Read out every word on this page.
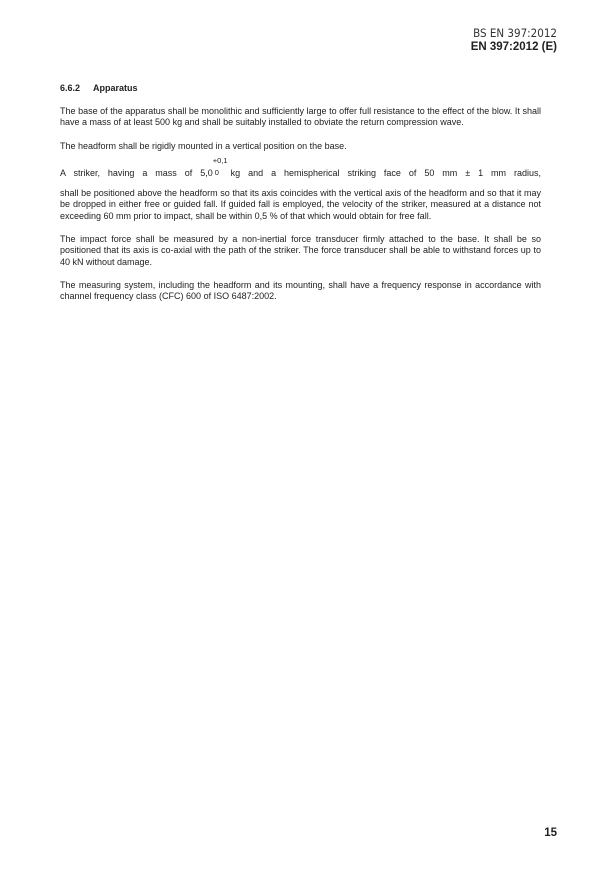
BS EN 397:2012
EN 397:2012 (E)
6.6.2 Apparatus

The base of the apparatus shall be monolithic and sufficiently large to offer full resistance to the effect of the blow. It shall have a mass of at least 500 kg and shall be suitably installed to obviate the return compression wave.

The headform shall be rigidly mounted in a vertical position on the base.

A striker, having a mass of 5,0
+0,1
0 kg and a hemispherical striking face of 50 mm ± 1 mm radius,

shall be positioned above the headform so that its axis coincides with the vertical axis of the headform and so that it may be dropped in either free or guided fall. If guided fall is employed, the velocity of the striker, measured at a distance not exceeding 60 mm prior to impact, shall be within 0,5 % of that which would obtain for free fall.

The impact force shall be measured by a non-inertial force transducer firmly attached to the base. It shall be so positioned that its axis is co-axial with the path of the striker. The force transducer shall be able to withstand forces up to 40 kN without damage.

The measuring system, including the headform and its mounting, shall have a frequency response in accordance with channel frequency class (CFC) 600 of ISO 6487:2002.

15
